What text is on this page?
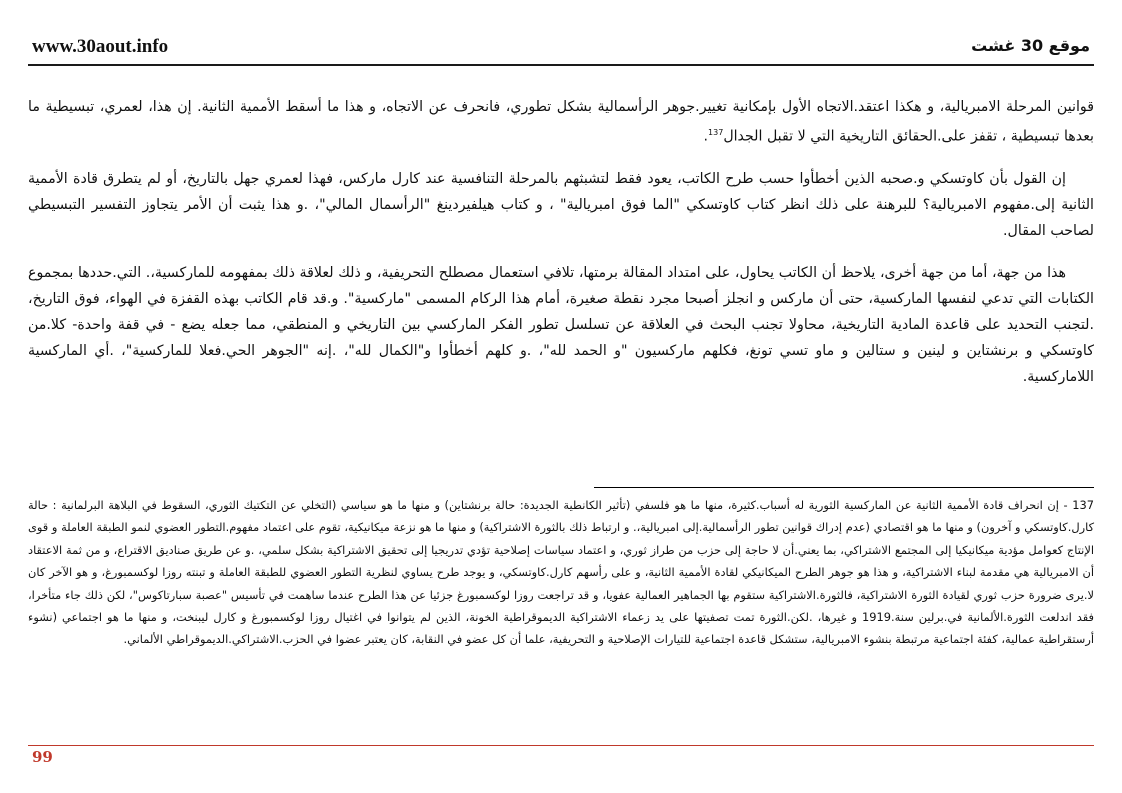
www.30aout.info	موقع 30 غشت

قوانين المرحلة الامبريالية، و هكذا اعتقد.الاتجاه الأول بإمكانية تغيير.جوهر الرأسمالية بشكل تطوري، فانحرف عن الاتجاه، و هذا ما أسقط الأممية الثانية. إن هذا، لعمري، تبسيطية ما بعدها تبسيطية ، تقفز على.الحقائق التاريخية التي لا تقبل الجدال$^{137}$.

إن القول بأن كاوتسكي و.صحبه الذين أخطأوا حسب طرح الكاتب، يعود فقط لتشبثهم بالمرحلة التنافسية عند كارل ماركس، فهذا لعمري جهل بالتاريخ، أو لم يتطرق قادة الأممية الثانية إلى.مفهوم الامبريالية؟ للبرهنة على ذلك انظر كتاب كاوتسكي "الما فوق امبريالية" ، و كتاب هيلفيردينغ "الرأسمال المالي"، .و هذا يثبت أن الأمر يتجاوز التفسير التبسيطي لصاحب المقال.

هذا من جهة، أما من جهة أخرى، يلاحظ أن الكاتب يحاول، على امتداد المقالة برمتها، تلافي استعمال مصطلح التحريفية، و ذلك لعلاقة ذلك بمفهومه للماركسية،. التي.حددها بمجموع الكتابات التي تدعي لنفسها الماركسية، حتى أن ماركس و انجلز أصبحا مجرد نقطة صغيرة، أمام هذا الركام المسمى "ماركسية". و.قد قام الكاتب بهذه القفزة في الهواء، فوق التاريخ، .لتجنب التحديد على قاعدة المادية التاريخية، محاولا تجنب البحث في العلاقة عن تسلسل تطور الفكر الماركسي بين التاريخي و المنطقي، مما جعله يضع - في قفة واحدة- كلا.من كاوتسكي و برنشتاين و لينين و ستالين و ماو تسي تونغ، فكلهم ماركسيون "و الحمد لله"، .و كلهم أخطأوا و"الكمال لله"، .إنه "الجوهر الحي.فعلا للماركسية"، .أي الماركسية اللاماركسية.

137 - إن انحراف قادة الأممية الثانية عن الماركسية الثورية له أسباب.كثيرة، منها ما هو فلسفي (تأثير الكانطية الجديدة: حالة برنشتاين) و منها ما هو سياسي (التخلي عن التكتيك الثوري، السقوط في البلاهة البرلمانية : حالة كارل.كاوتسكي و آخرون) و منها ما هو اقتصادي (عدم إدراك قوانين تطور الرأسمالية.إلى امبريالية،. و ارتباط ذلك بالثورة الاشتراكية) و منها ما هو نزعة ميكانيكية، تقوم على اعتماد مفهوم.التطور العضوي لنمو الطبقة العاملة و قوى الإنتاج كعوامل مؤدية ميكانيكيا إلى المجتمع الاشتراكي، بما يعني.أن لا حاجة إلى حزب من طراز ثوري، و اعتماد سياسات إصلاحية تؤدي تدريجيا إلى تحقيق الاشتراكية بشكل سلمي، .و عن طريق صناديق الاقتراع، و من ثمة الاعتقاد أن الامبريالية هي مقدمة لبناء الاشتراكية، و هذا هو جوهر الطرح الميكانيكي لقادة الأممية الثانية، و على رأسهم كارل.كاوتسكي، و يوجد طرح يساوي لنظرية التطور العضوي للطبقة العاملة و تبنته روزا لوكسمبورغ، و هو الآخر كان لا.يرى ضرورة حزب ثوري لقيادة الثورة الاشتراكية، فالثورة.الاشتراكية ستقوم بها الجماهير العمالية عفويا، و قد تراجعت روزا لوكسمبورغ جزئيا عن هذا الطرح عندما ساهمت في تأسيس "عصبة سبارتاكوس"، لكن ذلك جاء متأخرا، فقد اندلعت الثورة.الألمانية في.برلين سنة.1919 و غيرها، .لكن.الثورة تمت تصفيتها على يد زعماء الاشتراكية الديموقراطية الخونة، الذين لم يتوانوا في اغتيال روزا لوكسمبورغ و كارل ليبنخت، و منها ما هو اجتماعي (نشوء أرستقراطية عمالية، كفئة اجتماعية مرتبطة بنشوء الامبريالية، ستشكل قاعدة اجتماعية للتيارات الإصلاحية و التحريفية، علما أن كل عضو في النقابة، كان يعتبر عضوا في الحزب.الاشتراكي.الديموقراطي الألماني.

99
